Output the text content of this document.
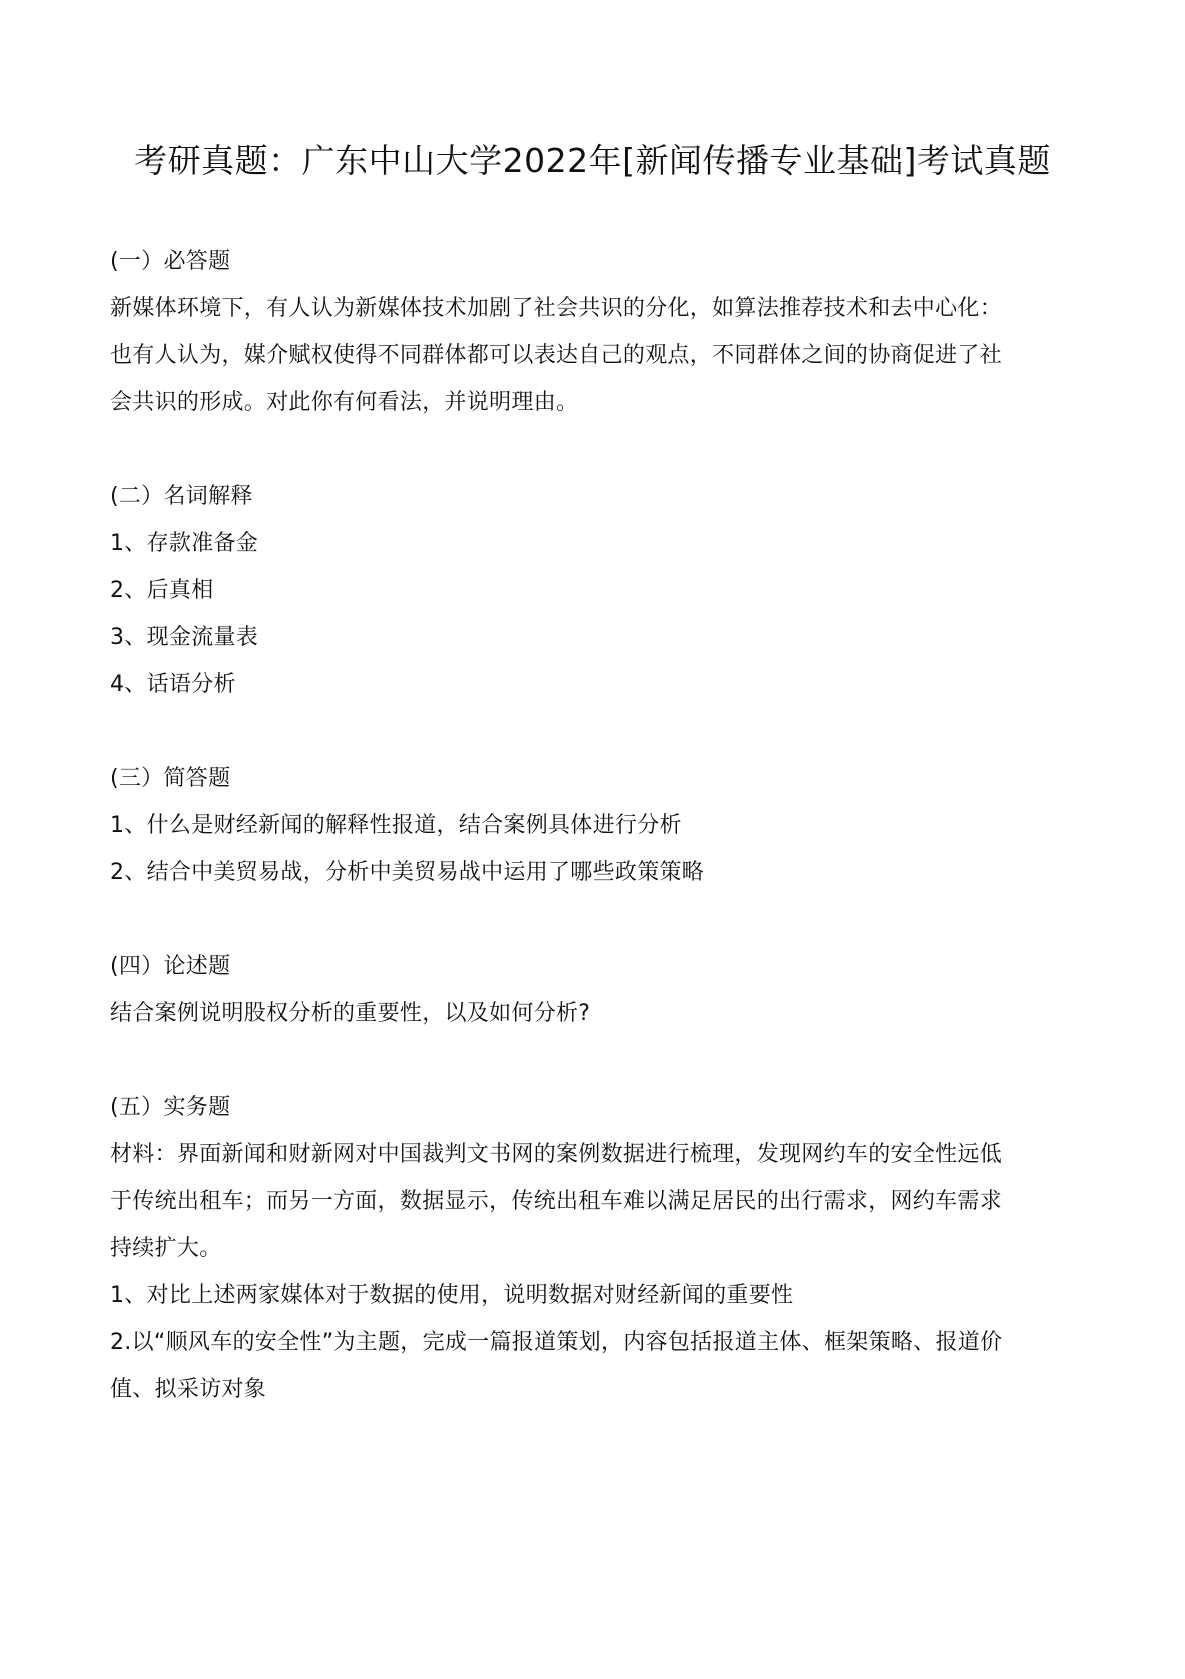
考研真题：广东中山大学2022年[新闻传播专业基础]考试真题
(一）必答题
新媒体环境下，有人认为新媒体技术加剧了社会共识的分化，如算法推荐技术和去中心化：
也有人认为，媒介赋权使得不同群体都可以表达自己的观点，不同群体之间的协商促进了社
会共识的形成。对此你有何看法，并说明理由。
(二）名词解释
1、存款准备金
2、后真相
3、现金流量表
4、话语分析
(三）简答题
1、什么是财经新闻的解释性报道，结合案例具体进行分析
2、结合中美贸易战，分析中美贸易战中运用了哪些政策策略
(四）论述题
结合案例说明股权分析的重要性，以及如何分析?
(五）实务题
材料：界面新闻和财新网对中国裁判文书网的案例数据进行梳理，发现网约车的安全性远低
于传统出租车；而另一方面，数据显示，传统出租车难以满足居民的出行需求，网约车需求
持续扩大。
1、对比上述两家媒体对于数据的使用，说明数据对财经新闻的重要性
2.以“顺风车的安全性”为主题，完成一篇报道策划，内容包括报道主体、框架策略、报道价
值、拟采访对象
